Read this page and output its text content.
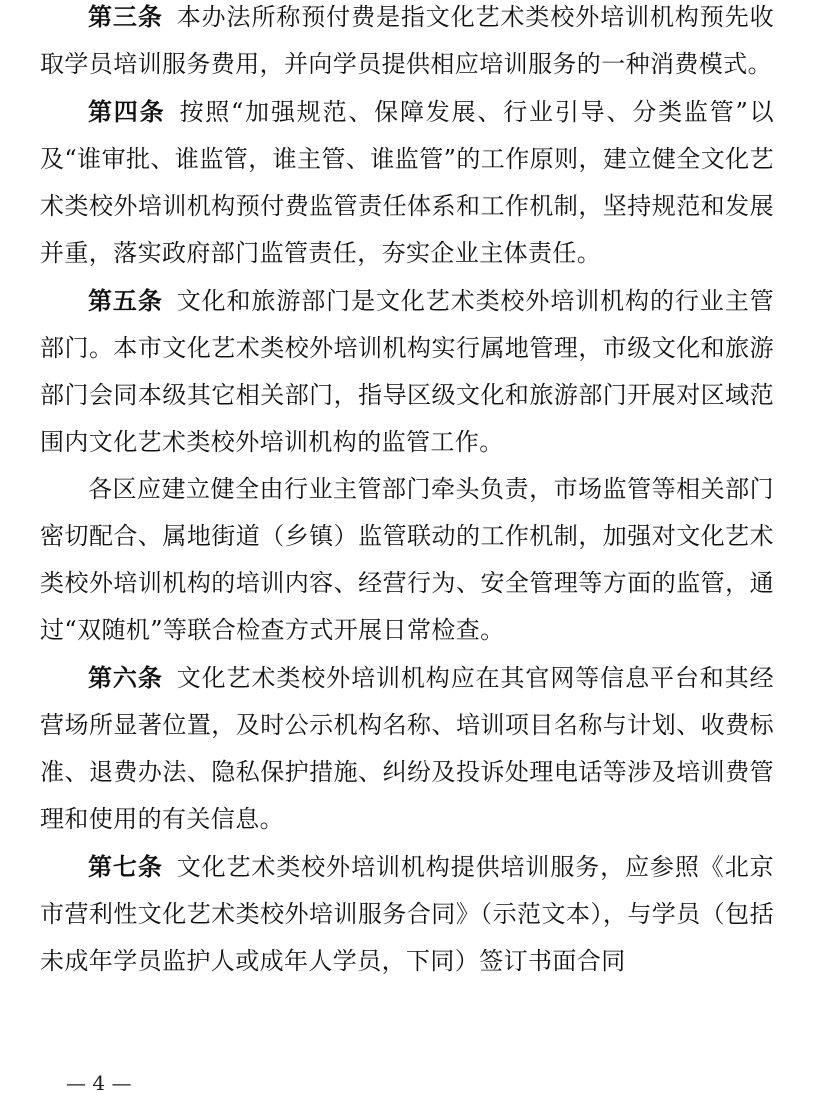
第三条 本办法所称预付费是指文化艺术类校外培训机构预先收取学员培训服务费用，并向学员提供相应培训服务的一种消费模式。

第四条 按照“加强规范、保障发展、行业引导、分类监管”以及“谁审批、谁监管，谁主管、谁监管”的工作原则，建立健全文化艺术类校外培训机构预付费监管责任体系和工作机制，坚持规范和发展并重，落实政府部门监管责任，夯实企业主体责任。

第五条 文化和旅游部门是文化艺术类校外培训机构的行业主管部门。本市文化艺术类校外培训机构实行属地管理，市级文化和旅游部门会同本级其它相关部门，指导区级文化和旅游部门开展对区域范围内文化艺术类校外培训机构的监管工作。

各区应建立健全由行业主管部门牵头负责，市场监管等相关部门密切配合、属地街道（乡镇）监管联动的工作机制，加强对文化艺术类校外培训机构的培训内容、经营行为、安全管理等方面的监管，通过“双随机”等联合检查方式开展日常检查。

第六条 文化艺术类校外培训机构应在其官网等信息平台和其经营场所显著位置，及时公示机构名称、培训项目名称与计划、收费标准、退费办法、隐私保护措施、纠纷及投诉处理电话等涉及培训费管理和使用的有关信息。

第七条 文化艺术类校外培训机构提供培训服务，应参照《北京市营利性文化艺术类校外培训服务合同》（示范文本），与学员（包括未成年学员监护人或成年人学员，下同）签订书面合同

— 4 —
